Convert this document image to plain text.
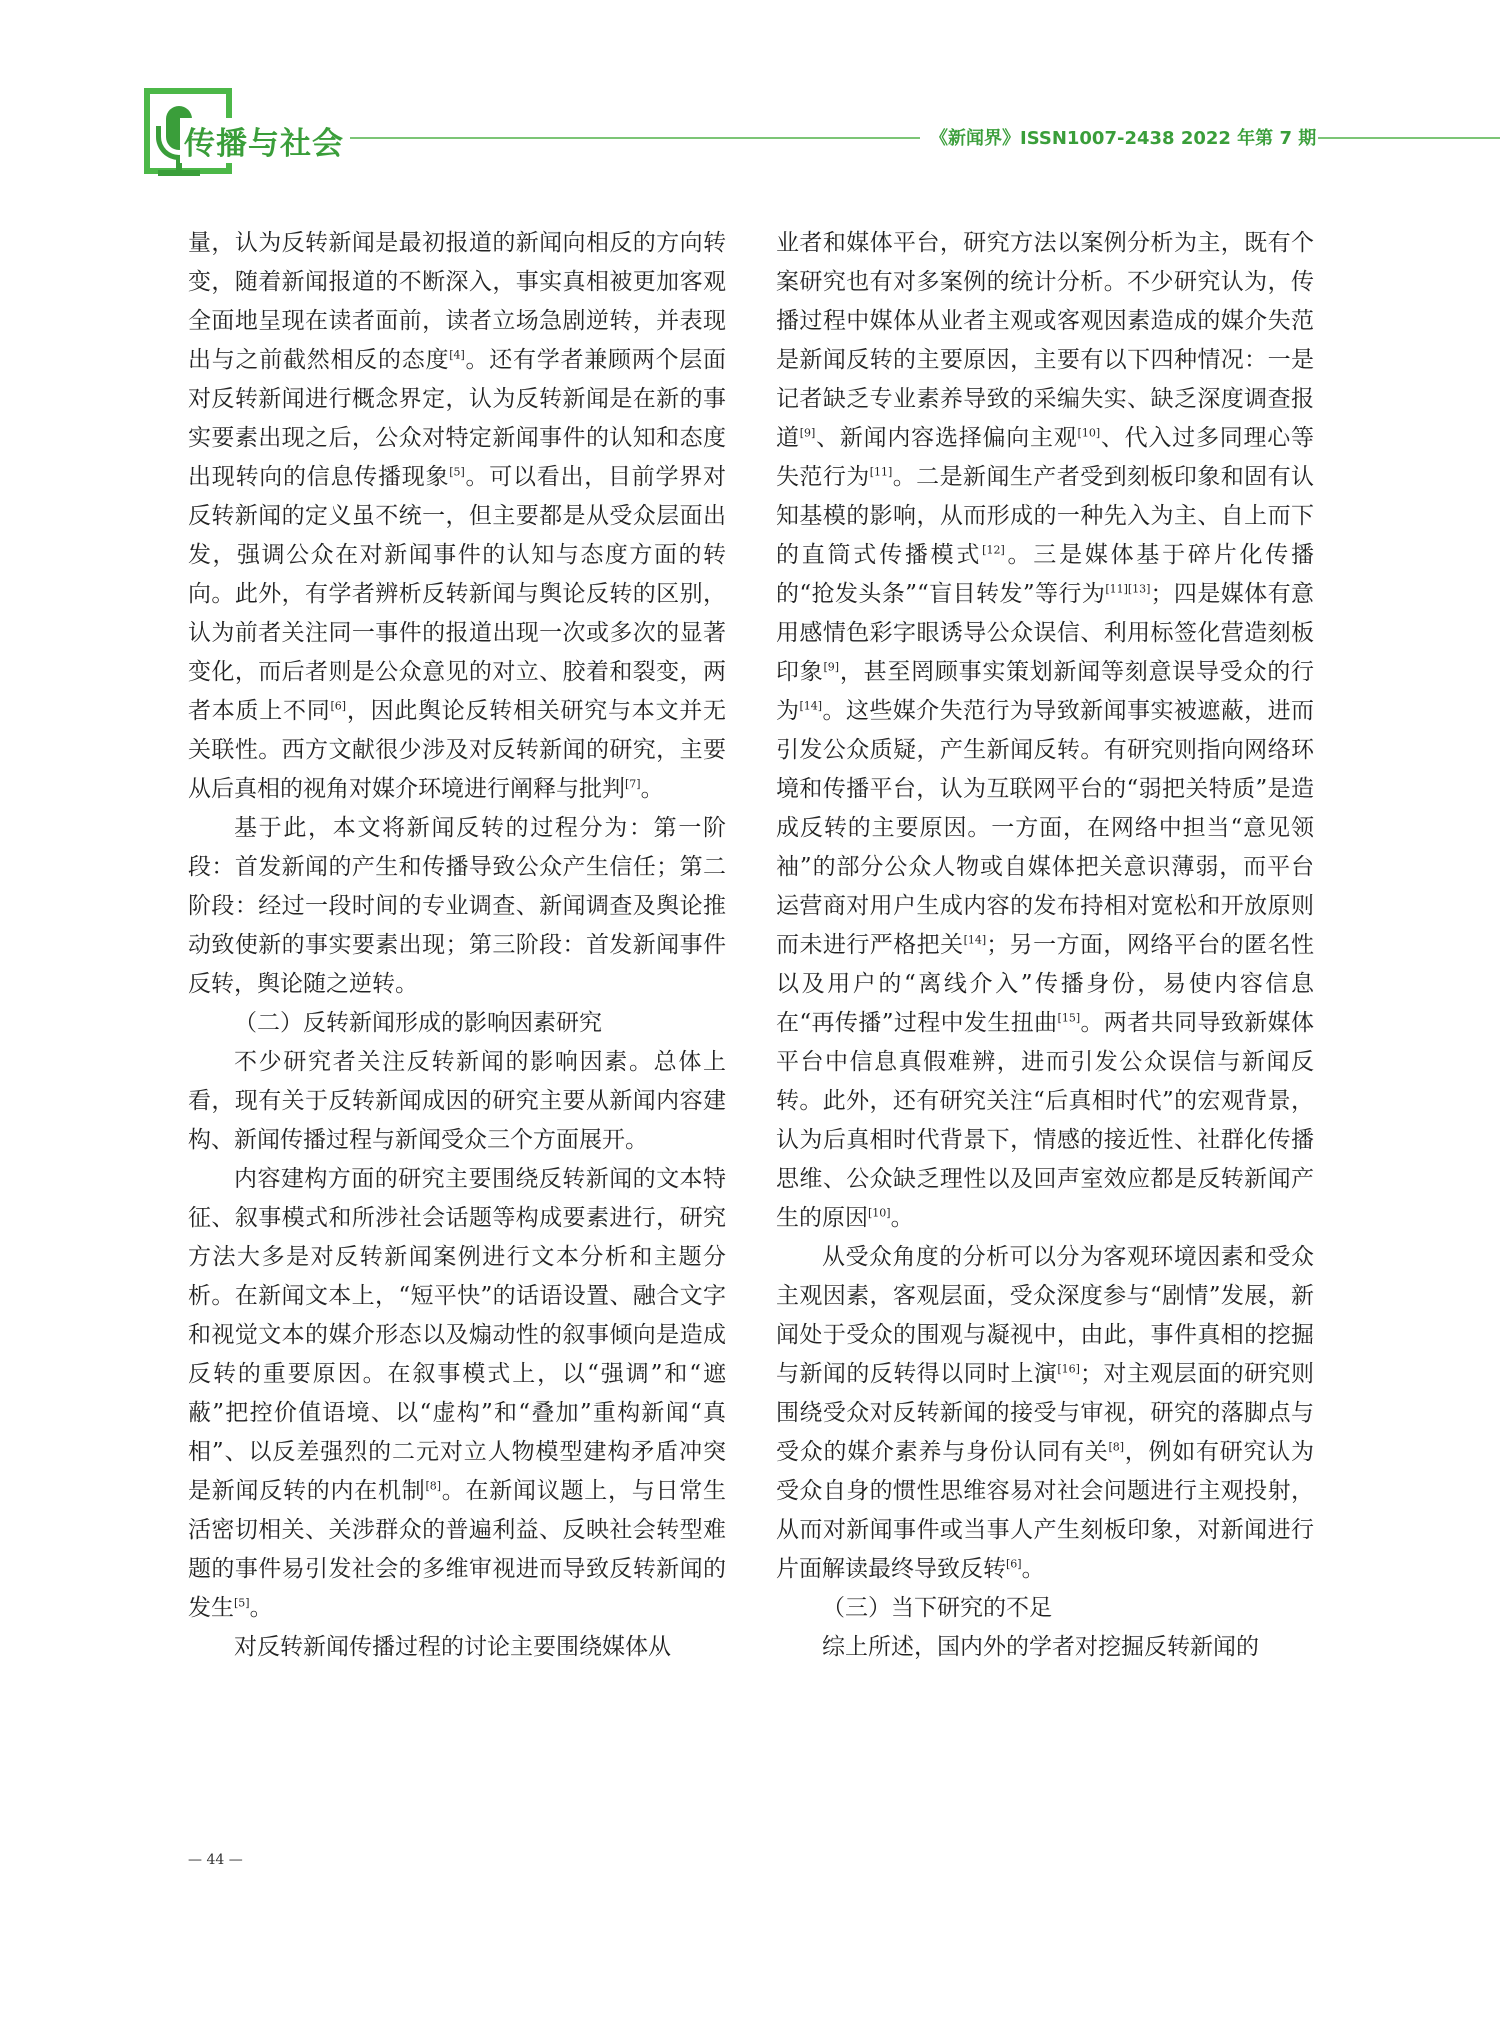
传播与社会	《新闻界》ISSN1007-2438 2022 年第 7 期

量，认为反转新闻是最初报道的新闻向相反的方向转变，随着新闻报道的不断深入，事实真相被更加客观全面地呈现在读者面前，读者立场急剧逆转，并表现出与之前截然相反的态度[4]。还有学者兼顾两个层面对反转新闻进行概念界定，认为反转新闻是在新的事实要素出现之后，公众对特定新闻事件的认知和态度出现转向的信息传播现象[5]。可以看出，目前学界对反转新闻的定义虽不统一，但主要都是从受众层面出发，强调公众在对新闻事件的认知与态度方面的转向。此外，有学者辨析反转新闻与舆论反转的区别，认为前者关注同一事件的报道出现一次或多次的显著变化，而后者则是公众意见的对立、胶着和裂变，两者本质上不同[6]，因此舆论反转相关研究与本文并无关联性。西方文献很少涉及对反转新闻的研究，主要从后真相的视角对媒介环境进行阐释与批判[7]。

基于此，本文将新闻反转的过程分为：第一阶段：首发新闻的产生和传播导致公众产生信任；第二阶段：经过一段时间的专业调查、新闻调查及舆论推动致使新的事实要素出现；第三阶段：首发新闻事件反转，舆论随之逆转。

（二）反转新闻形成的影响因素研究

不少研究者关注反转新闻的影响因素。总体上看，现有关于反转新闻成因的研究主要从新闻内容建构、新闻传播过程与新闻受众三个方面展开。

内容建构方面的研究主要围绕反转新闻的文本特征、叙事模式和所涉社会话题等构成要素进行，研究方法大多是对反转新闻案例进行文本分析和主题分析。在新闻文本上，“短平快”的话语设置、融合文字和视觉文本的媒介形态以及煽动性的叙事倾向是造成反转的重要原因。在叙事模式上，以“强调”和“遮蔽”把控价值语境、以“虚构”和“叠加”重构新闻“真相”、以反差强烈的二元对立人物模型建构矛盾冲突是新闻反转的内在机制[8]。在新闻议题上，与日常生活密切相关、关涉群众的普遍利益、反映社会转型难题的事件易引发社会的多维审视进而导致反转新闻的发生[5]。

对反转新闻传播过程的讨论主要围绕媒体从

业者和媒体平台，研究方法以案例分析为主，既有个案研究也有对多案例的统计分析。不少研究认为，传播过程中媒体从业者主观或客观因素造成的媒介失范是新闻反转的主要原因，主要有以下四种情况：一是记者缺乏专业素养导致的采编失实、缺乏深度调查报道[9]、新闻内容选择偏向主观[10]、代入过多同理心等失范行为[11]。二是新闻生产者受到刻板印象和固有认知基模的影响，从而形成的一种先入为主、自上而下的直筒式传播模式[12]。三是媒体基于碎片化传播的“抢发头条”“盲目转发”等行为[11][13]；四是媒体有意用感情色彩字眼诱导公众误信、利用标签化营造刻板印象[9]，甚至罔顾事实策划新闻等刻意误导受众的行为[14]。这些媒介失范行为导致新闻事实被遮蔽，进而引发公众质疑，产生新闻反转。有研究则指向网络环境和传播平台，认为互联网平台的“弱把关特质”是造成反转的主要原因。一方面，在网络中担当“意见领袖”的部分公众人物或自媒体把关意识薄弱，而平台运营商对用户生成内容的发布持相对宽松和开放原则而未进行严格把关[14]；另一方面，网络平台的匿名性以及用户的“离线介入”传播身份，易使内容信息在“再传播”过程中发生扭曲[15]。两者共同导致新媒体平台中信息真假难辨，进而引发公众误信与新闻反转。此外，还有研究关注“后真相时代”的宏观背景，认为后真相时代背景下，情感的接近性、社群化传播思维、公众缺乏理性以及回声室效应都是反转新闻产生的原因[10]。

从受众角度的分析可以分为客观环境因素和受众主观因素，客观层面，受众深度参与“剧情”发展，新闻处于受众的围观与凝视中，由此，事件真相的挖掘与新闻的反转得以同时上演[16]；对主观层面的研究则围绕受众对反转新闻的接受与审视，研究的落脚点与受众的媒介素养与身份认同有关[8]，例如有研究认为受众自身的惯性思维容易对社会问题进行主观投射，从而对新闻事件或当事人产生刻板印象，对新闻进行片面解读最终导致反转[6]。

（三）当下研究的不足

综上所述，国内外的学者对挖掘反转新闻的

— 44 —
